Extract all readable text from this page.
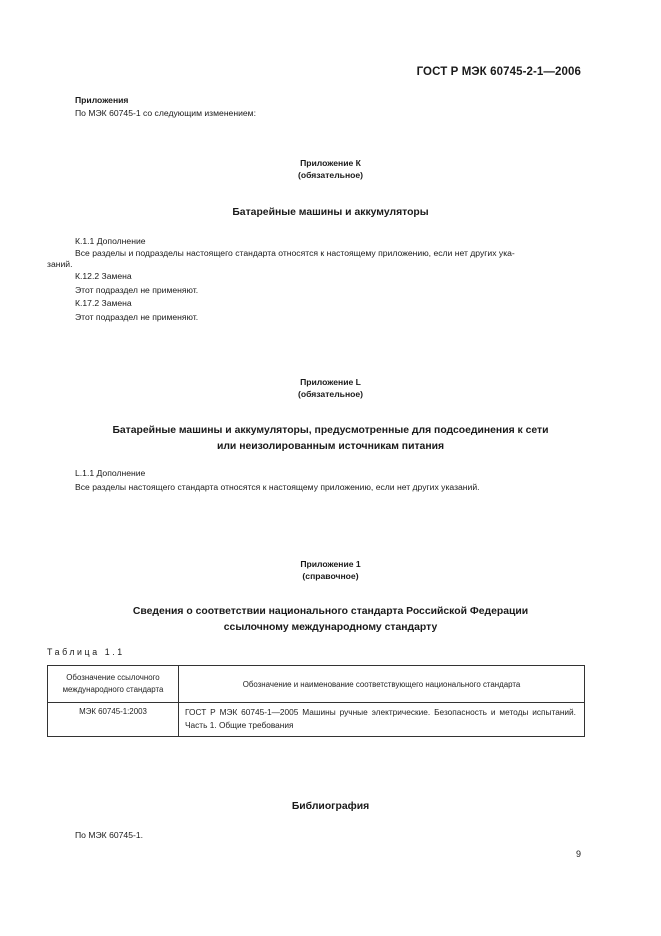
ГОСТ Р МЭК 60745-2-1—2006
Приложения
По МЭК 60745-1 со следующим изменением:
Приложение К
(обязательное)
Батарейные машины и аккумуляторы
К.1.1 Дополнение
Все разделы и подразделы настоящего стандарта относятся к настоящему приложению, если нет других ука-
заний.
К.12.2 Замена
Этот подраздел не применяют.
К.17.2 Замена
Этот подраздел не применяют.
Приложение L
(обязательное)
Батарейные машины и аккумуляторы, предусмотренные для подсоединения к сети
или неизолированным источникам питания
L.1.1 Дополнение
Все разделы настоящего стандарта относятся к настоящему приложению, если нет других указаний.
Приложение 1
(справочное)
Сведения о соответствии национального стандарта Российской Федерации
ссылочному международному стандарту
Таблица 1.1
Обозначение ссылочного
международного стандарта	Обозначение и наименование соответствующего национального стандарта
МЭК 60745-1:2003	ГОСТ Р МЭК 60745-1—2005 Машины ручные электрические. Безопасность и методы испытаний. Часть 1. Общие требования
Библиография
По МЭК 60745-1.
9
